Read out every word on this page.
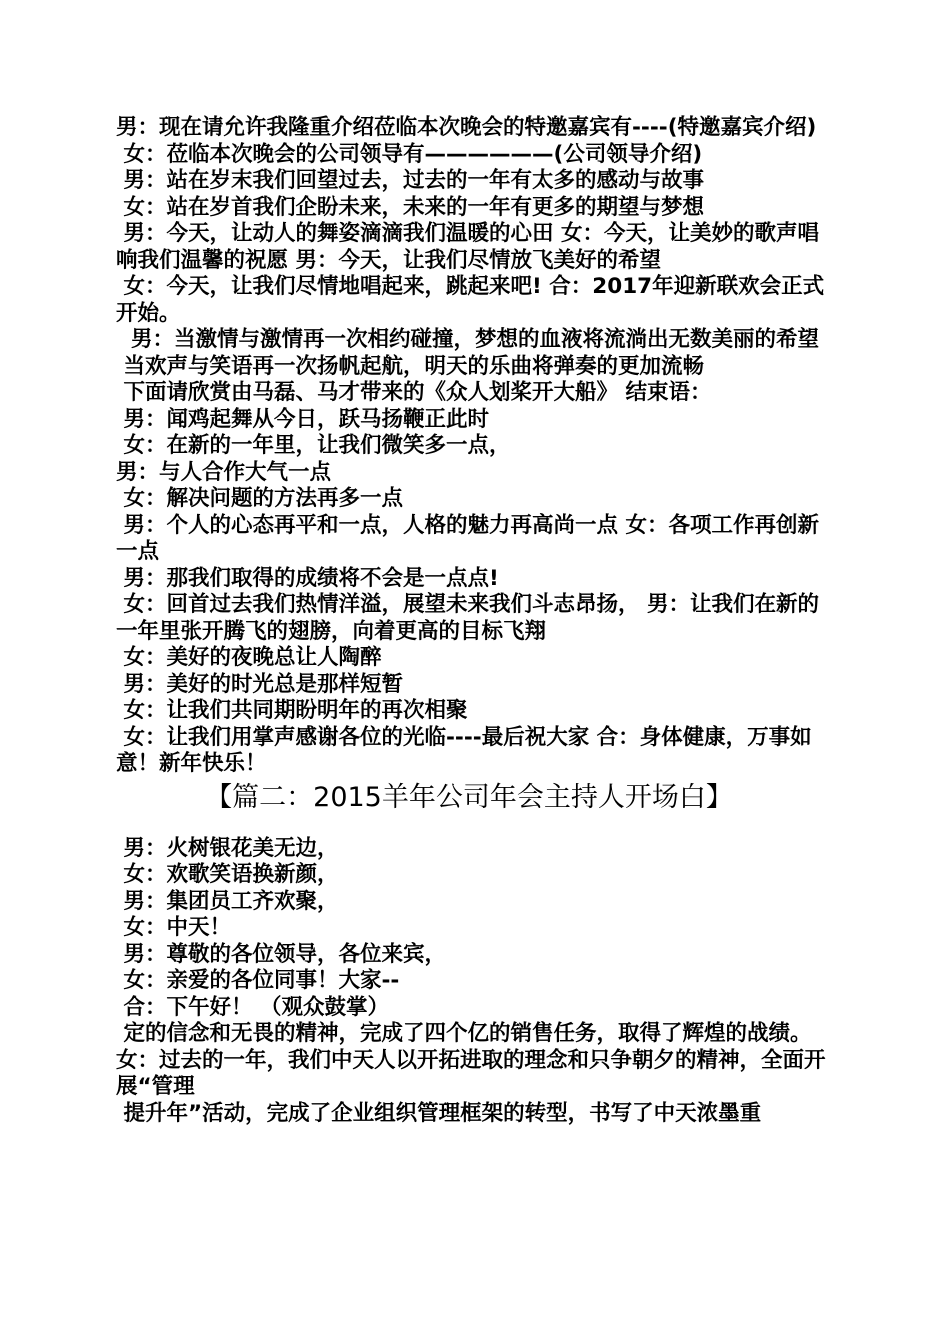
男：现在请允许我隆重介绍莅临本次晚会的特邀嘉宾有----(特邀嘉宾介绍)

女：莅临本次晚会的公司领导有——————(公司领导介绍)

男：站在岁末我们回望过去，过去的一年有太多的感动与故事

女：站在岁首我们企盼未来，未来的一年有更多的期望与梦想

男：今天，让动人的舞姿滴滴我们温暖的心田 女：今天，让美妙的歌声唱响我们温馨的祝愿 男：今天，让我们尽情放飞美好的希望

女：今天，让我们尽情地唱起来，跳起来吧! 合：2017年迎新联欢会正式开始。

男：当激情与激情再一次相约碰撞，梦想的血液将流淌出无数美丽的希望

当欢声与笑语再一次扬帆起航，明天的乐曲将弹奏的更加流畅

下面请欣赏由马磊、马才带来的《众人划桨开大船》 结束语：

男：闻鸡起舞从今日，跃马扬鞭正此时

女：在新的一年里，让我们微笑多一点，

男：与人合作大气一点

女：解决问题的方法再多一点

男：个人的心态再平和一点，人格的魅力再高尚一点 女：各项工作再创新一点

男：那我们取得的成绩将不会是一点点!

女：回首过去我们热情洋溢，展望未来我们斗志昂扬， 男：让我们在新的一年里张开腾飞的翅膀，向着更高的目标飞翔

女：美好的夜晚总让人陶醉

男：美好的时光总是那样短暂

女：让我们共同期盼明年的再次相聚

女：让我们用掌声感谢各位的光临----最后祝大家 合：身体健康，万事如意！新年快乐！

【篇二：2015羊年公司年会主持人开场白】

男：火树银花美无边，

女：欢歌笑语换新颜，

男：集团员工齐欢聚，

女：中天！

男：尊敬的各位领导，各位来宾，

女：亲爱的各位同事！大家--

合：下午好！ （观众鼓掌）

定的信念和无畏的精神，完成了四个亿的销售任务，取得了辉煌的战绩。 女：过去的一年，我们中天人以开拓进取的理念和只争朝夕的精神，全面开展“管理

提升年”活动，完成了企业组织管理框架的转型，书写了中天浓墨重
